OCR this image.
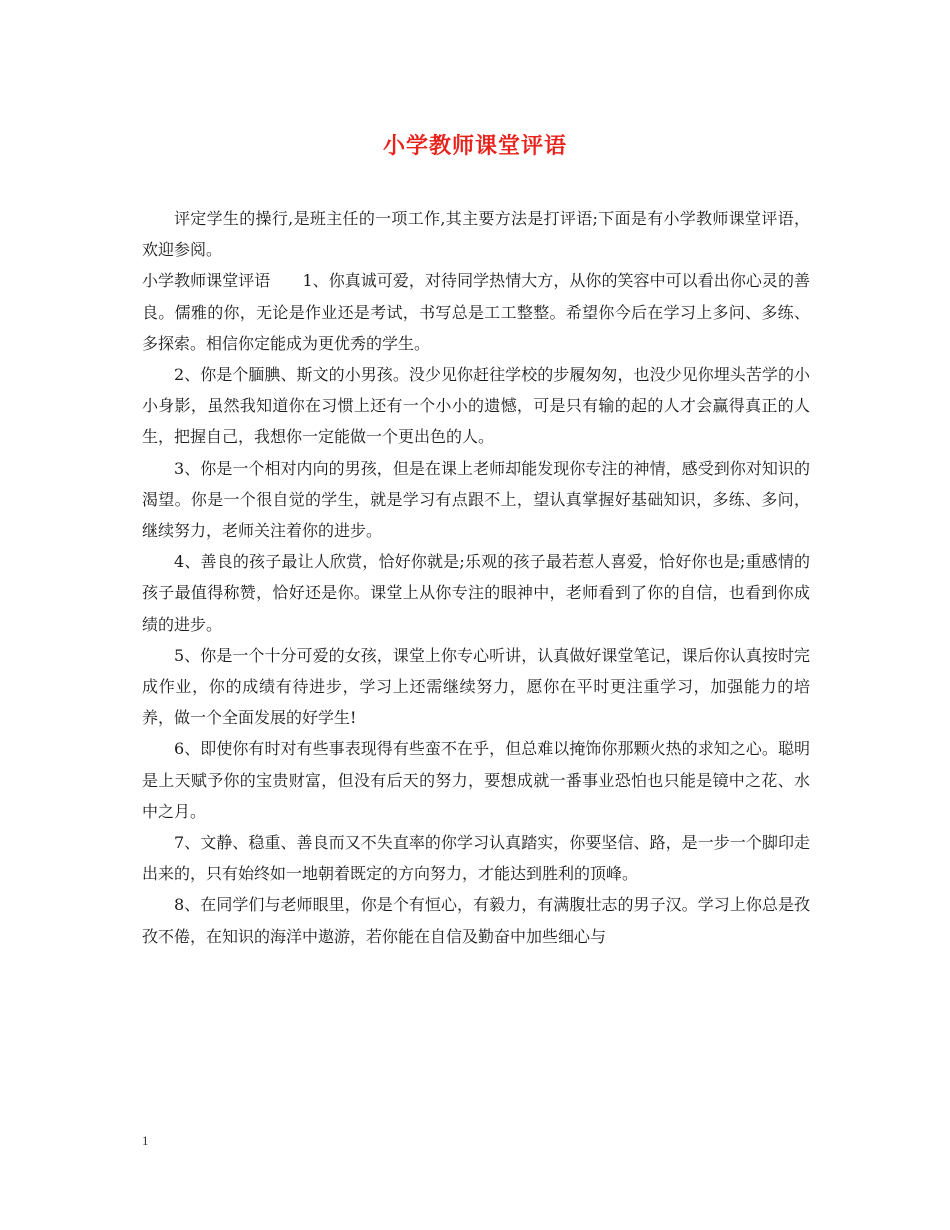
小学教师课堂评语

评定学生的操行,是班主任的一项工作,其主要方法是打评语;下面是有小学教师课堂评语，欢迎参阅。

小学教师课堂评语　　1、你真诚可爱，对待同学热情大方，从你的笑容中可以看出你心灵的善良。儒雅的你，无论是作业还是考试，书写总是工工整整。希望你今后在学习上多问、多练、多探索。相信你定能成为更优秀的学生。

2、你是个腼腆、斯文的小男孩。没少见你赶往学校的步履匆匆，也没少见你埋头苦学的小小身影，虽然我知道你在习惯上还有一个小小的遗憾，可是只有输的起的人才会赢得真正的人生，把握自己，我想你一定能做一个更出色的人。

3、你是一个相对内向的男孩，但是在课上老师却能发现你专注的神情，感受到你对知识的渴望。你是一个很自觉的学生，就是学习有点跟不上，望认真掌握好基础知识，多练、多问，继续努力，老师关注着你的进步。

4、善良的孩子最让人欣赏，恰好你就是;乐观的孩子最若惹人喜爱，恰好你也是;重感情的孩子最值得称赞，恰好还是你。课堂上从你专注的眼神中，老师看到了你的自信，也看到你成绩的进步。

5、你是一个十分可爱的女孩，课堂上你专心听讲，认真做好课堂笔记，课后你认真按时完成作业，你的成绩有待进步，学习上还需继续努力，愿你在平时更注重学习，加强能力的培养，做一个全面发展的好学生!

6、即使你有时对有些事表现得有些蛮不在乎，但总难以掩饰你那颗火热的求知之心。聪明是上天赋予你的宝贵财富，但没有后天的努力，要想成就一番事业恐怕也只能是镜中之花、水中之月。

7、文静、稳重、善良而又不失直率的你学习认真踏实，你要坚信、路，是一步一个脚印走出来的，只有始终如一地朝着既定的方向努力，才能达到胜利的顶峰。

8、在同学们与老师眼里，你是个有恒心，有毅力，有满腹壮志的男子汉。学习上你总是孜孜不倦，在知识的海洋中遨游，若你能在自信及勤奋中加些细心与

1
